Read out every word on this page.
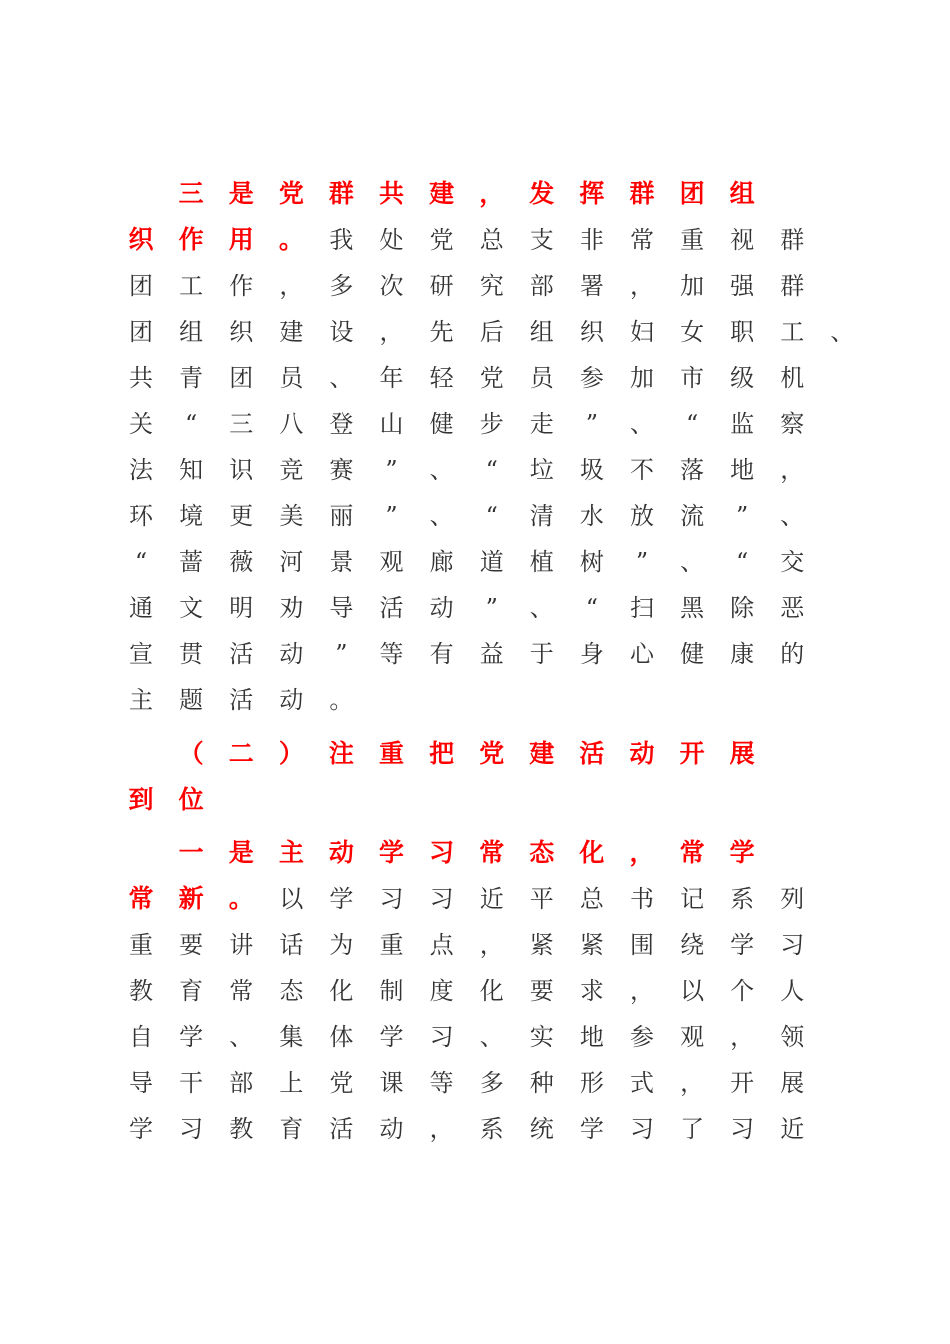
三	是	党	群	共	建	，	发	挥	群	团	组
织	作	用	。	我	处	党	总	支	非	常	重	视	群
团	工	作	，	多	次	研	究	部	署	，	加	强	群
团	组	织	建	设	，	先	后	组	织	妇	女	职	工	、
共	青	团	员	、	年	轻	党	员	参	加	市	级	机
关	“	三	八	登	山	健	步	走	”	、	“	监	察
法	知	识	竞	赛	”	、	“	垃	圾	不	落	地	，
环	境	更	美	丽	”	、	“	清	水	放	流	”	、
“	蔷	薇	河	景	观	廊	道	植	树	”	、	“	交
通	文	明	劝	导	活	动	”	、	“	扫	黑	除	恶
宣	贯	活	动	”	等	有	益	于	身	心	健	康	的
主	题	活	动	。

（	二	）	注	重	把	党	建	活	动	开	展
到	位

一	是	主	动	学	习	常	态	化	，	常	学
常	新	。	以	学	习	习	近	平	总	书	记	系	列
重	要	讲	话	为	重	点	，	紧	紧	围	绕	学	习
教	育	常	态	化	制	度	化	要	求	，	以	个	人
自	学	、	集	体	学	习	、	实	地	参	观	，	领
导	干	部	上	党	课	等	多	种	形	式	，	开	展
学	习	教	育	活	动	，	系	统	学	习	了	习	近
